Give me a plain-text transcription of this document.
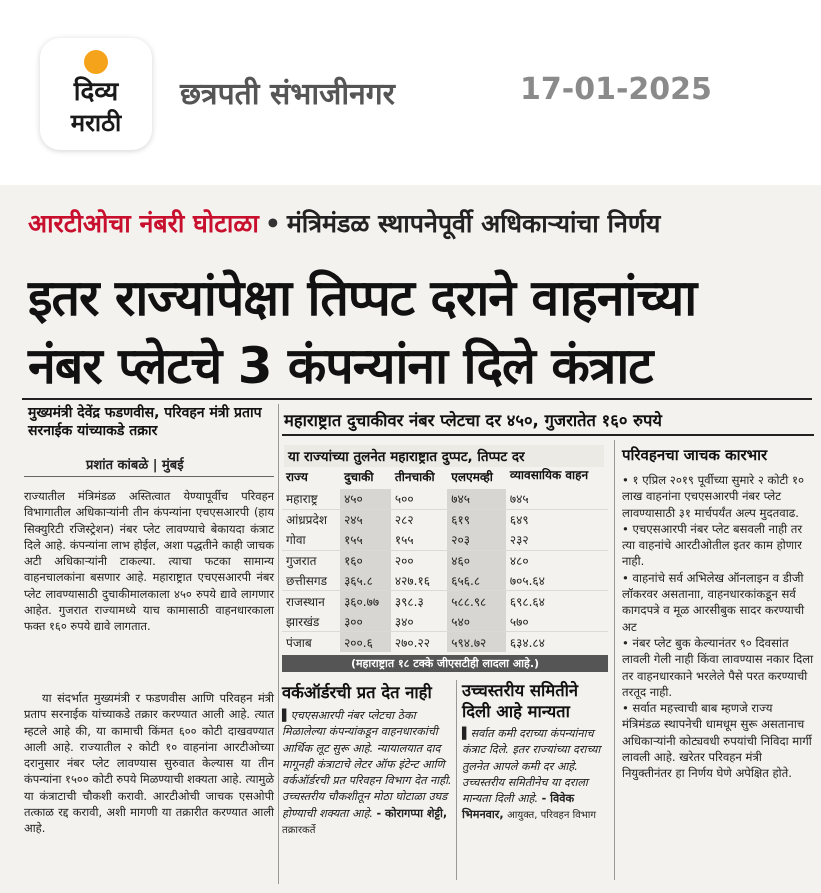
दिव्य
मराठी
छत्रपती संभाजीनगर	17-01-2025
आरटीओचा नंबरी घोटाळा • मंत्रिमंडळ स्थापनेपूर्वी अधिकाऱ्यांचा निर्णय
इतर राज्यांपेक्षा तिप्पट दराने वाहनांच्या
नंबर प्लेटचे 3 कंपन्यांना दिले कंत्राट
मुख्यमंत्री देवेंद्र फडणवीस, परिवहन मंत्री प्रताप सरनाईक यांच्याकडे तक्रार
प्रशांत कांबळे | मुंबई
राज्यातील मंत्रिमंडळ अस्तित्वात येण्यापूर्वीच परिवहन विभागातील अधिकाऱ्यांनी तीन कंपन्यांना एचएसआरपी (हाय सिक्युरिटी रजिस्ट्रेशन) नंबर प्लेट लावण्याचे बेकायदा कंत्राट दिले आहे. कंपन्यांना लाभ होईल, अशा पद्धतीने काही जाचक अटी अधिकाऱ्यांनी टाकल्या. त्याचा फटका सामान्य वाहनचालकांना बसणार आहे. महाराष्ट्रात एचएसआरपी नंबर प्लेट लावण्यासाठी दुचाकीमालकाला ४५० रुपये द्यावे लागणार आहेत. गुजरात राज्यामध्ये याच कामासाठी वाहनधारकाला फक्त १६० रुपये द्यावे लागतात.
या संदर्भात मुख्यमंत्री र फडणवीस आणि परिवहन मंत्री प्रताप सरनाईक यांच्याकडे तक्रार करण्यात आली आहे. त्यात म्हटले आहे की, या कामाची किंमत ६०० कोटी दाखवण्यात आली आहे. राज्यातील २ कोटी १० वाहनांना आरटीओच्या दरानुसार नंबर प्लेट लावण्यास सुरुवात केल्यास या तीन कंपन्यांना १५०० कोटी रुपये मिळण्याची शक्यता आहे. त्यामुळे या कंत्राटाची चौकशी करावी. आरटीओची जाचक एसओपी तत्काळ रद्द करावी, अशी मागणी या तक्रारीत करण्यात आली आहे.
महाराष्ट्रात दुचाकीवर नंबर प्लेटचा दर ४५०, गुजरातेत १६० रुपये
या राज्यांच्या तुलनेत महाराष्ट्रात दुप्पट, तिप्पट दर
राज्य	दुचाकी	तीनचाकी	एलएमव्ही	व्यावसायिक वाहन
महाराष्ट्र	४५०	५००	७४५	७४५
आंध्रप्रदेश	२४५	२८२	६१९	६४९
गोवा	१५५	१५५	२०३	२३२
गुजरात	१६०	२००	४६०	४८०
छत्तीसगड	३६५.८	४२७.१६	६५६.८	७०५.६४
राजस्थान	३६०.७७	३९८.३	५८८.९८	६९८.६४
झारखंड	३००	३४०	५४०	५७०
पंजाब	२००.६	२७०.२२	५९४.७२	६३४.८४
(महाराष्ट्रात १८ टक्के जीएसटीही लादला आहे.)
परिवहनचा जाचक कारभार

• १ एप्रिल २०१९ पूर्वीच्या सुमारे २ कोटी १० लाख वाहनांना एचएसआरपी नंबर प्लेट लावण्यासाठी ३१ मार्चपर्यंत अल्प मुदतवाढ.

• एचएसआरपी नंबर प्लेट बसवली नाही तर त्या वाहनांचे आरटीओतील इतर काम होणार नाही.

• वाहनांचे सर्व अभिलेख ऑनलाइन व डीजी लॉकरवर असतानाा, वाहनधारकांकडून सर्व कागदपत्रे व मूळ आरसीबुक सादर करण्याची अट

• नंबर प्लेट बुक केल्यानंतर ९० दिवसांत लावली गेली नाही किंवा लावण्यास नकार दिला तर वाहनधारकाने भरलेले पैसे परत करण्याची तरतूद नाही.

• सर्वात महत्त्वाची बाब म्हणजे राज्य मंत्रिमंडळ स्थापनेची धामधूम सुरू असतानाच अधिकाऱ्यांनी कोट्यवधी रुपयांची निविदा मार्गी लावली आहे. खरेतर परिवहन मंत्री नियुक्तीनंतर हा निर्णय घेणे अपेक्षित होते.

वर्कऑर्डरची प्रत देत नाही
▌एचएसआरपी नंबर प्लेटचा ठेका मिळालेल्या कंपन्यांकडून वाहनधारकांची आर्थिक लूट सुरू आहे. न्यायालयात दाद मागूनही कंत्राटाचे लेटर ऑफ इंटेन्ट आणि वर्कऑर्डरची प्रत परिवहन विभाग देत नाही. उच्चस्तरीय चौकशीतून मोठा घोटाळा उघड होण्याची शक्यता आहे. - कोरागप्पा शेट्टी, तक्रारकर्ते
उच्चस्तरीय समितीने दिली आहे मान्यता
▌सर्वात कमी दराच्या कंपन्यांनाच कंत्राट दिले. इतर राज्यांच्या दराच्या तुलनेत आपले कमी दर आहे. उच्चस्तरीय समितीनेच या दराला मान्यता दिली आहे. - विवेक भिमनवार, आयुक्त, परिवहन विभाग
